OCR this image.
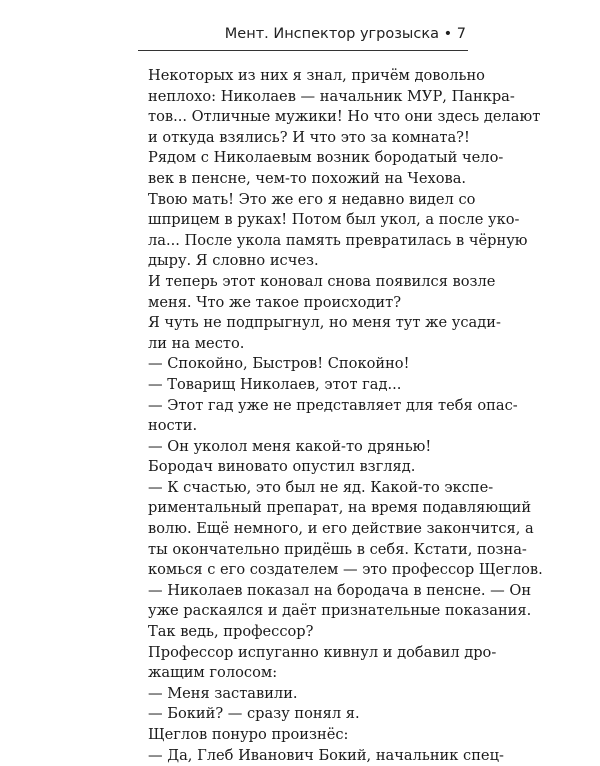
Мент. Инспектор угрозыска • 7

Некоторых из них я знал, причём довольно
неплохо: Николаев — начальник МУР, Панкра-
тов... Отличные мужики! Но что они здесь делают
и откуда взялись? И что это за комната?!

Рядом с Николаевым возник бородатый чело-
век в пенсне, чем-то похожий на Чехова.

Твою мать! Это же его я недавно видел со
шприцем в руках! Потом был укол, а после уко-
ла... После укола память превратилась в чёрную
дыру. Я словно исчез.

И теперь этот коновал снова появился возле
меня. Что же такое происходит?

Я чуть не подпрыгнул, но меня тут же усади-
ли на место.

— Спокойно, Быстров! Спокойно!

— Товарищ Николаев, этот гад...

— Этот гад уже не представляет для тебя опас-
ности.

— Он уколол меня какой-то дрянью!

Бородач виновато опустил взгляд.

— К счастью, это был не яд. Какой-то экспе-
риментальный препарат, на время подавляющий
волю. Ещё немного, и его действие закончится, а
ты окончательно придёшь в себя. Кстати, позна-
комься с его создателем — это профессор Щеглов.
— Николаев показал на бородача в пенсне. — Он
уже раскаялся и даёт признательные показания.
Так ведь, профессор?

Профессор испуганно кивнул и добавил дро-
жащим голосом:

— Меня заставили.

— Бокий? — сразу понял я.

Щеглов понуро произнёс:

— Да, Глеб Иванович Бокий, начальник спец-
